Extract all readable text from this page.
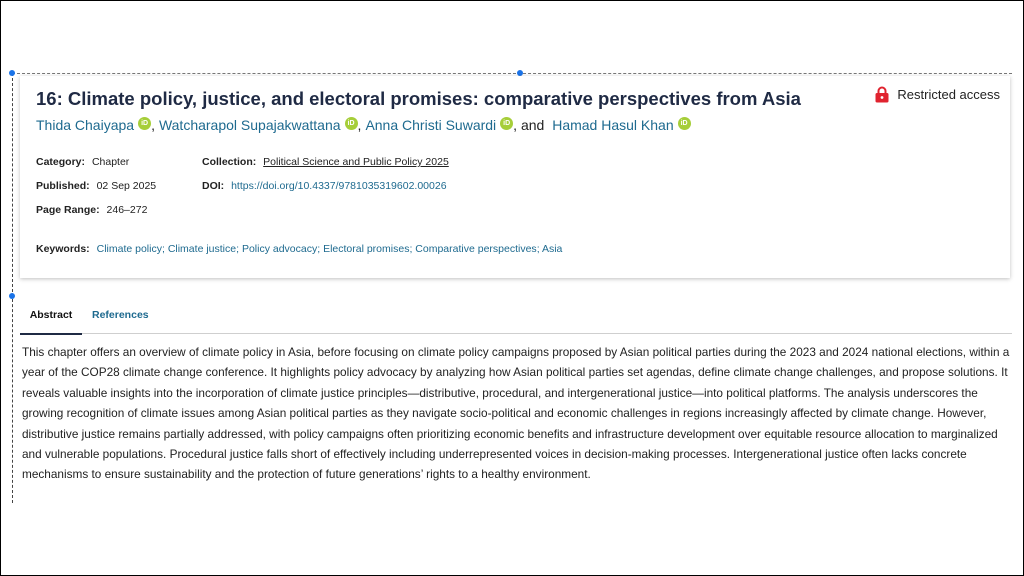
16: Climate policy, justice, and electoral promises: comparative perspectives from Asia	Restricted access
Thida Chaiyapa	iD , Watcharapol Supajakwattana	iD , Anna Christi Suwardi	iD , and Hamad Hasul Khan	iD
Category: Chapter
Published: 02 Sep 2025
Page Range: 246–272
Collection: Political Science and Public Policy 2025
DOI: https://doi.org/10.4337/9781035319602.00026
Keywords: Climate policy; Climate justice; Policy advocacy; Electoral promises; Comparative perspectives; Asia
Abstract	References
This chapter offers an overview of climate policy in Asia, before focusing on climate policy campaigns proposed by Asian political parties during the 2023 and 2024 national elections, within a year of the COP28 climate change conference. It highlights policy advocacy by analyzing how Asian political parties set agendas, define climate change challenges, and propose solutions. It reveals valuable insights into the incorporation of climate justice principles—distributive, procedural, and intergenerational justice—into political platforms. The analysis underscores the growing recognition of climate issues among Asian political parties as they navigate socio-political and economic challenges in regions increasingly affected by climate change. However, distributive justice remains partially addressed, with policy campaigns often prioritizing economic benefits and infrastructure development over equitable resource allocation to marginalized and vulnerable populations. Procedural justice falls short of effectively including underrepresented voices in decision-making processes. Intergenerational justice often lacks concrete mechanisms to ensure sustainability and the protection of future generations’ rights to a healthy environment.
